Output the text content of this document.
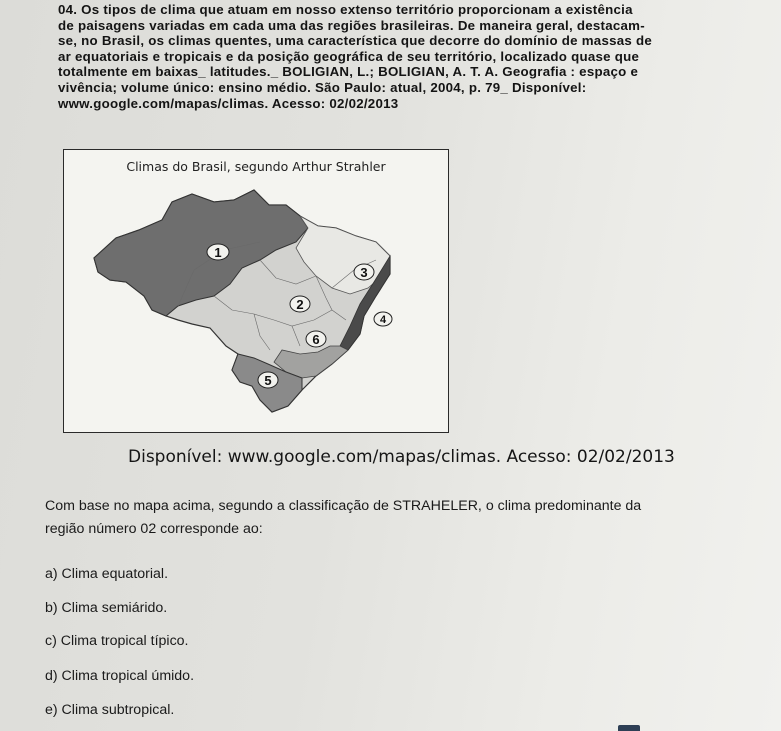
04. Os tipos de clima que atuam em nosso extenso território proporcionam a existência
de paisagens variadas em cada uma das regiões brasileiras. De maneira geral, destacam-
se, no Brasil, os climas quentes, uma característica que decorre do domínio de massas de
ar equatoriais e tropicais e da posição geográfica de seu território, localizado quase que
totalmente em baixas_ latitudes._ BOLIGIAN, L.; BOLIGIAN, A. T. A. Geografia : espaço e
vivência; volume único: ensino médio. São Paulo: atual, 2004, p. 79_ Disponível:
www.google.com/mapas/climas. Acesso: 02/02/2013
Climas do Brasil, segundo Arthur Strahler
1
3
2
4
6
5
Disponível: www.google.com/mapas/climas. Acesso: 02/02/2013
Com base no mapa acima, segundo a classificação de STRAHELER, o clima predominante da
região número 02 corresponde ao:
a) Clima equatorial.
b) Clima semiárido.
c) Clima tropical típico.
d) Clima tropical úmido.
e) Clima subtropical.
